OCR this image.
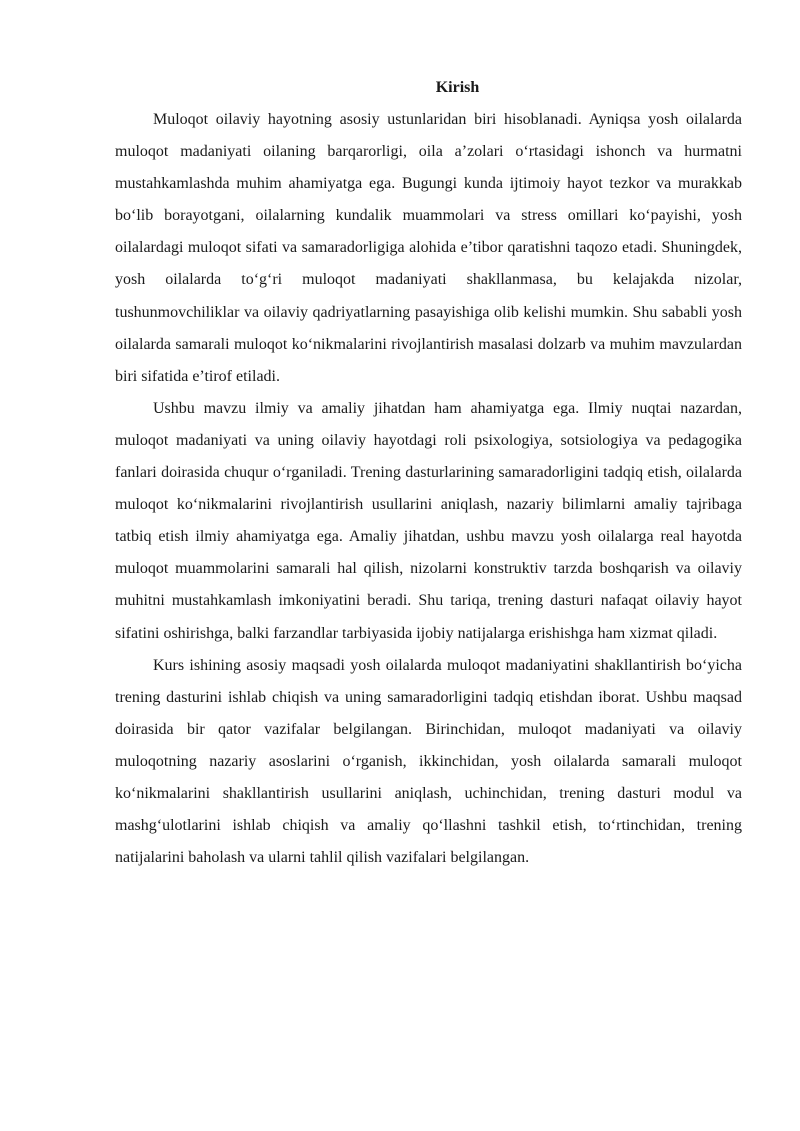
Kirish

Muloqot oilaviy hayotning asosiy ustunlaridan biri hisoblanadi. Ayniqsa yosh oilalarda muloqot madaniyati oilaning barqarorligi, oila a’zolari o‘rtasidagi ishonch va hurmatni mustahkamlashda muhim ahamiyatga ega. Bugungi kunda ijtimoiy hayot tezkor va murakkab bo‘lib borayotgani, oilalarning kundalik muammolari va stress omillari ko‘payishi, yosh oilalardagi muloqot sifati va samaradorligiga alohida e’tibor qaratishni taqozo etadi. Shuningdek, yosh oilalarda to‘g‘ri muloqot madaniyati shakllanmasa, bu kelajakda nizolar, tushunmovchiliklar va oilaviy qadriyatlarning pasayishiga olib kelishi mumkin. Shu sababli yosh oilalarda samarali muloqot ko‘nikmalarini rivojlantirish masalasi dolzarb va muhim mavzulardan biri sifatida e’tirof etiladi.

Ushbu mavzu ilmiy va amaliy jihatdan ham ahamiyatga ega. Ilmiy nuqtai nazardan, muloqot madaniyati va uning oilaviy hayotdagi roli psixologiya, sotsiologiya va pedagogika fanlari doirasida chuqur o‘rganiladi. Trening dasturlarining samaradorligini tadqiq etish, oilalarda muloqot ko‘nikmalarini rivojlantirish usullarini aniqlash, nazariy bilimlarni amaliy tajribaga tatbiq etish ilmiy ahamiyatga ega. Amaliy jihatdan, ushbu mavzu yosh oilalarga real hayotda muloqot muammolarini samarali hal qilish, nizolarni konstruktiv tarzda boshqarish va oilaviy muhitni mustahkamlash imkoniyatini beradi. Shu tariqa, trening dasturi nafaqat oilaviy hayot sifatini oshirishga, balki farzandlar tarbiyasida ijobiy natijalarga erishishga ham xizmat qiladi.

Kurs ishining asosiy maqsadi yosh oilalarda muloqot madaniyatini shakllantirish bo‘yicha trening dasturini ishlab chiqish va uning samaradorligini tadqiq etishdan iborat. Ushbu maqsad doirasida bir qator vazifalar belgilangan. Birinchidan, muloqot madaniyati va oilaviy muloqotning nazariy asoslarini o‘rganish, ikkinchidan, yosh oilalarda samarali muloqot ko‘nikmalarini shakllantirish usullarini aniqlash, uchinchidan, trening dasturi modul va mashg‘ulotlarini ishlab chiqish va amaliy qo‘llashni tashkil etish, to‘rtinchidan, trening natijalarini baholash va ularni tahlil qilish vazifalari belgilangan.
